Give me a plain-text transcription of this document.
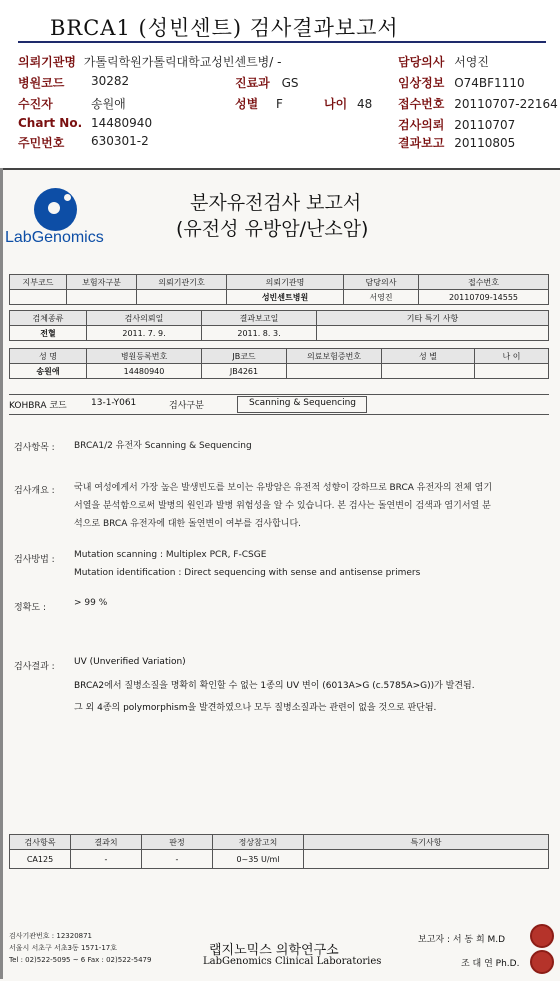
BRCA1 (성빈센트) 검사결과보고서
의뢰기관명 가톨릭학원가톨릭대학교성빈센트병/ -	담당의사 서영진
병원코드 30282	진료과 GS	임상정보 O74BF1110
수진자	송원애	성별 F	나이 48 접수번호 20110707-22164
Chart No. 14480940	검사의뢰 20110707
주민번호 630301-2	결과보고 20110805
LabGenomics
분자유전검사 보고서
(유전성 유방암/난소암)
지부코드	보험자구분	의뢰기관기호	의뢰기관명	담당의사	접수번호
			성빈센트병원	서영진	20110709-14555
검체종류	검사의뢰일	결과보고일	기타 특기 사항
전혈	2011. 7. 9.	2011. 8. 3.	
성 명	병원등록번호	JB코드	의료보험증번호	성 별	나 이
송원애	14480940	JB4261			
KOHBRA 코드	13-1-Y061	검사구분	Scanning & Sequencing
검사항목 : BRCA1/2 유전자 Scanning & Sequencing
검사개요 : 국내 여성에게서 가장 높은 발생빈도를 보이는 유방암은 유전적 성향이 강하므로 BRCA 유전자의 전체 염기
서열을 분석함으로써 발병의 원인과 발병 위험성을 알 수 있습니다. 본 검사는 돌연변이 검색과 염기서열 분
석으로 BRCA 유전자에 대한 돌연변이 여부를 검사합니다.
검사방법 : Mutation scanning : Multiplex PCR, F-CSGE
Mutation identification : Direct sequencing with sense and antisense primers
정확도 :	> 99 %
검사결과 : UV (Unverified Variation)
BRCA2에서 질병소질을 명확히 확인할 수 없는 1종의 UV 변이 (6013A>G (c.5785A>G))가 발견됨.
그 외 4종의 polymorphism을 발견하였으나 모두 질병소질과는 관련이 없을 것으로 판단됨.
검사항목	결과치	판정	정상참고치	특기사항
CA125	-	-	0~35 U/ml	
검사기관번호 : 12320871
서울시 서초구 서초3동 1571-17호
Tel : 02)522-5095 ~ 6 Fax : 02)522-5479
랩지노믹스 의학연구소
LabGenomics Clinical Laboratories
보고자 : 서 동 희 M.D
조 대 연 Ph.D.
